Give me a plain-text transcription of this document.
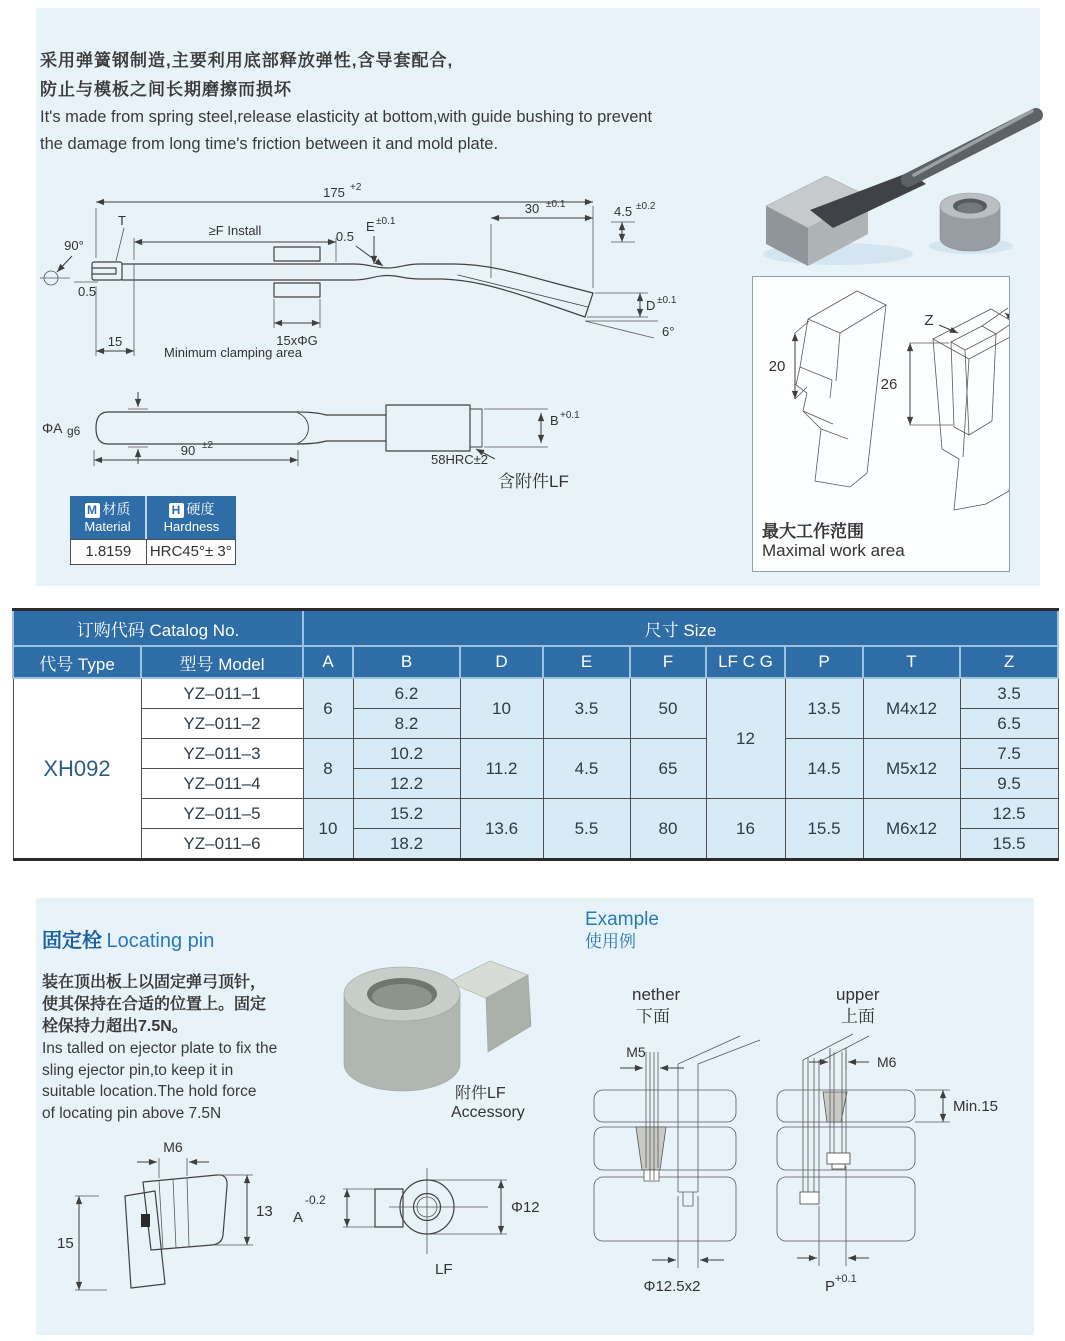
采用弹簧钢制造,主要利用底部释放弹性,含导套配合,
防止与模板之间长期磨擦而损坏
It's made from spring steel,release elasticity at bottom,with guide bushing to prevent
the damage from long time's friction between it and mold plate.
175 +2
≥F Install
T
90°
0.5
0.5
E ±0.1
30 ±0.1	4.5 ±0.2
D ±0.1
6°
15xΦG
15
Minimum clamping area
ΦA g6
90 ±2
B +0.1
58HRC±2
含附件LF
M 材质
Material
H 硬度
Hardness
1.8159	HRC45°± 3°
20
26
Z
最大工作范围
Maximal work area
订购代码 Catalog No.		尺寸 Size								
代号 Type	型号 Model	A	B	D	E	F	LF C G	P	T	Z
XH092	YZ–011–1	6	6.2	10	3.5	50	12	13.5	M4x12	3.5
	YZ–011–2		8.2							6.5
	YZ–011–3	8	10.2	11.2	4.5	65		14.5	M5x12	7.5
	YZ–011–4		12.2							9.5
	YZ–011–5	10	15.2	13.6	5.5	80	16	15.5	M6x12	12.5
	YZ–011–6		18.2							15.5
固定栓 Locating pin
装在顶出板上以固定弹弓顶针，
使其保持在合适的位置上。固定
栓保持力超出7.5N。
Ins talled on ejector plate to fix the
sling ejector pin,to keep it in
suitable location.The hold force
of locating pin above 7.5N
附件LF
Accessory
M6
13
15
A
-0.2	Φ12
LF
Example
使用例
nether
下面
upper
上面
M5
Φ12.5x2
M6
Min.15
P +0.1
